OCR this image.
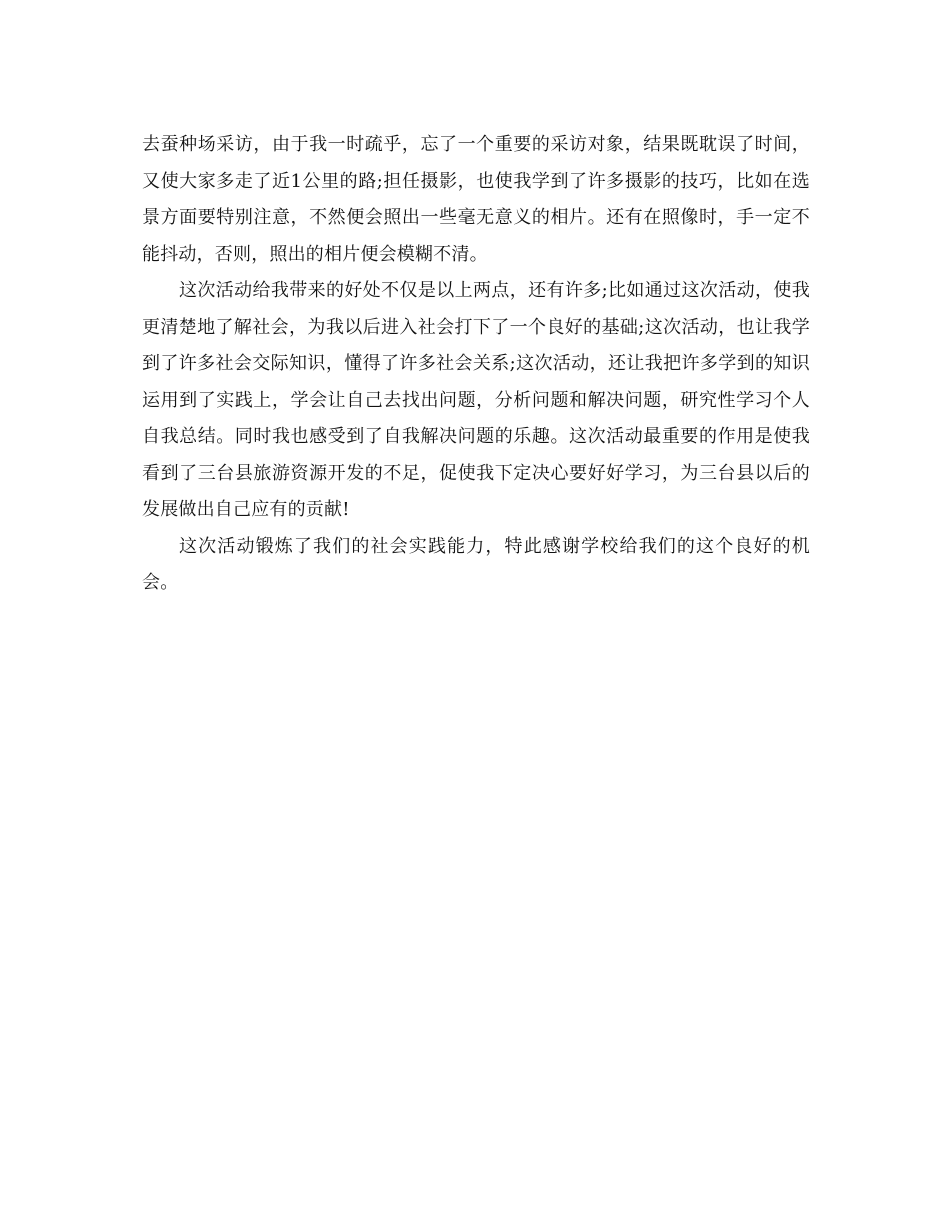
去蚕种场采访，由于我一时疏乎，忘了一个重要的采访对象，结果既耽误了时间，又使大家多走了近1公里的路;担任摄影，也使我学到了许多摄影的技巧，比如在选景方面要特别注意，不然便会照出一些毫无意义的相片。还有在照像时，手一定不能抖动，否则，照出的相片便会模糊不清。

这次活动给我带来的好处不仅是以上两点，还有许多;比如通过这次活动，使我更清楚地了解社会，为我以后进入社会打下了一个良好的基础;这次活动，也让我学到了许多社会交际知识，懂得了许多社会关系;这次活动，还让我把许多学到的知识运用到了实践上，学会让自己去找出问题，分析问题和解决问题，研究性学习个人自我总结。同时我也感受到了自我解决问题的乐趣。这次活动最重要的作用是使我看到了三台县旅游资源开发的不足，促使我下定决心要好好学习，为三台县以后的发展做出自己应有的贡献!

这次活动锻炼了我们的社会实践能力，特此感谢学校给我们的这个良好的机会。
